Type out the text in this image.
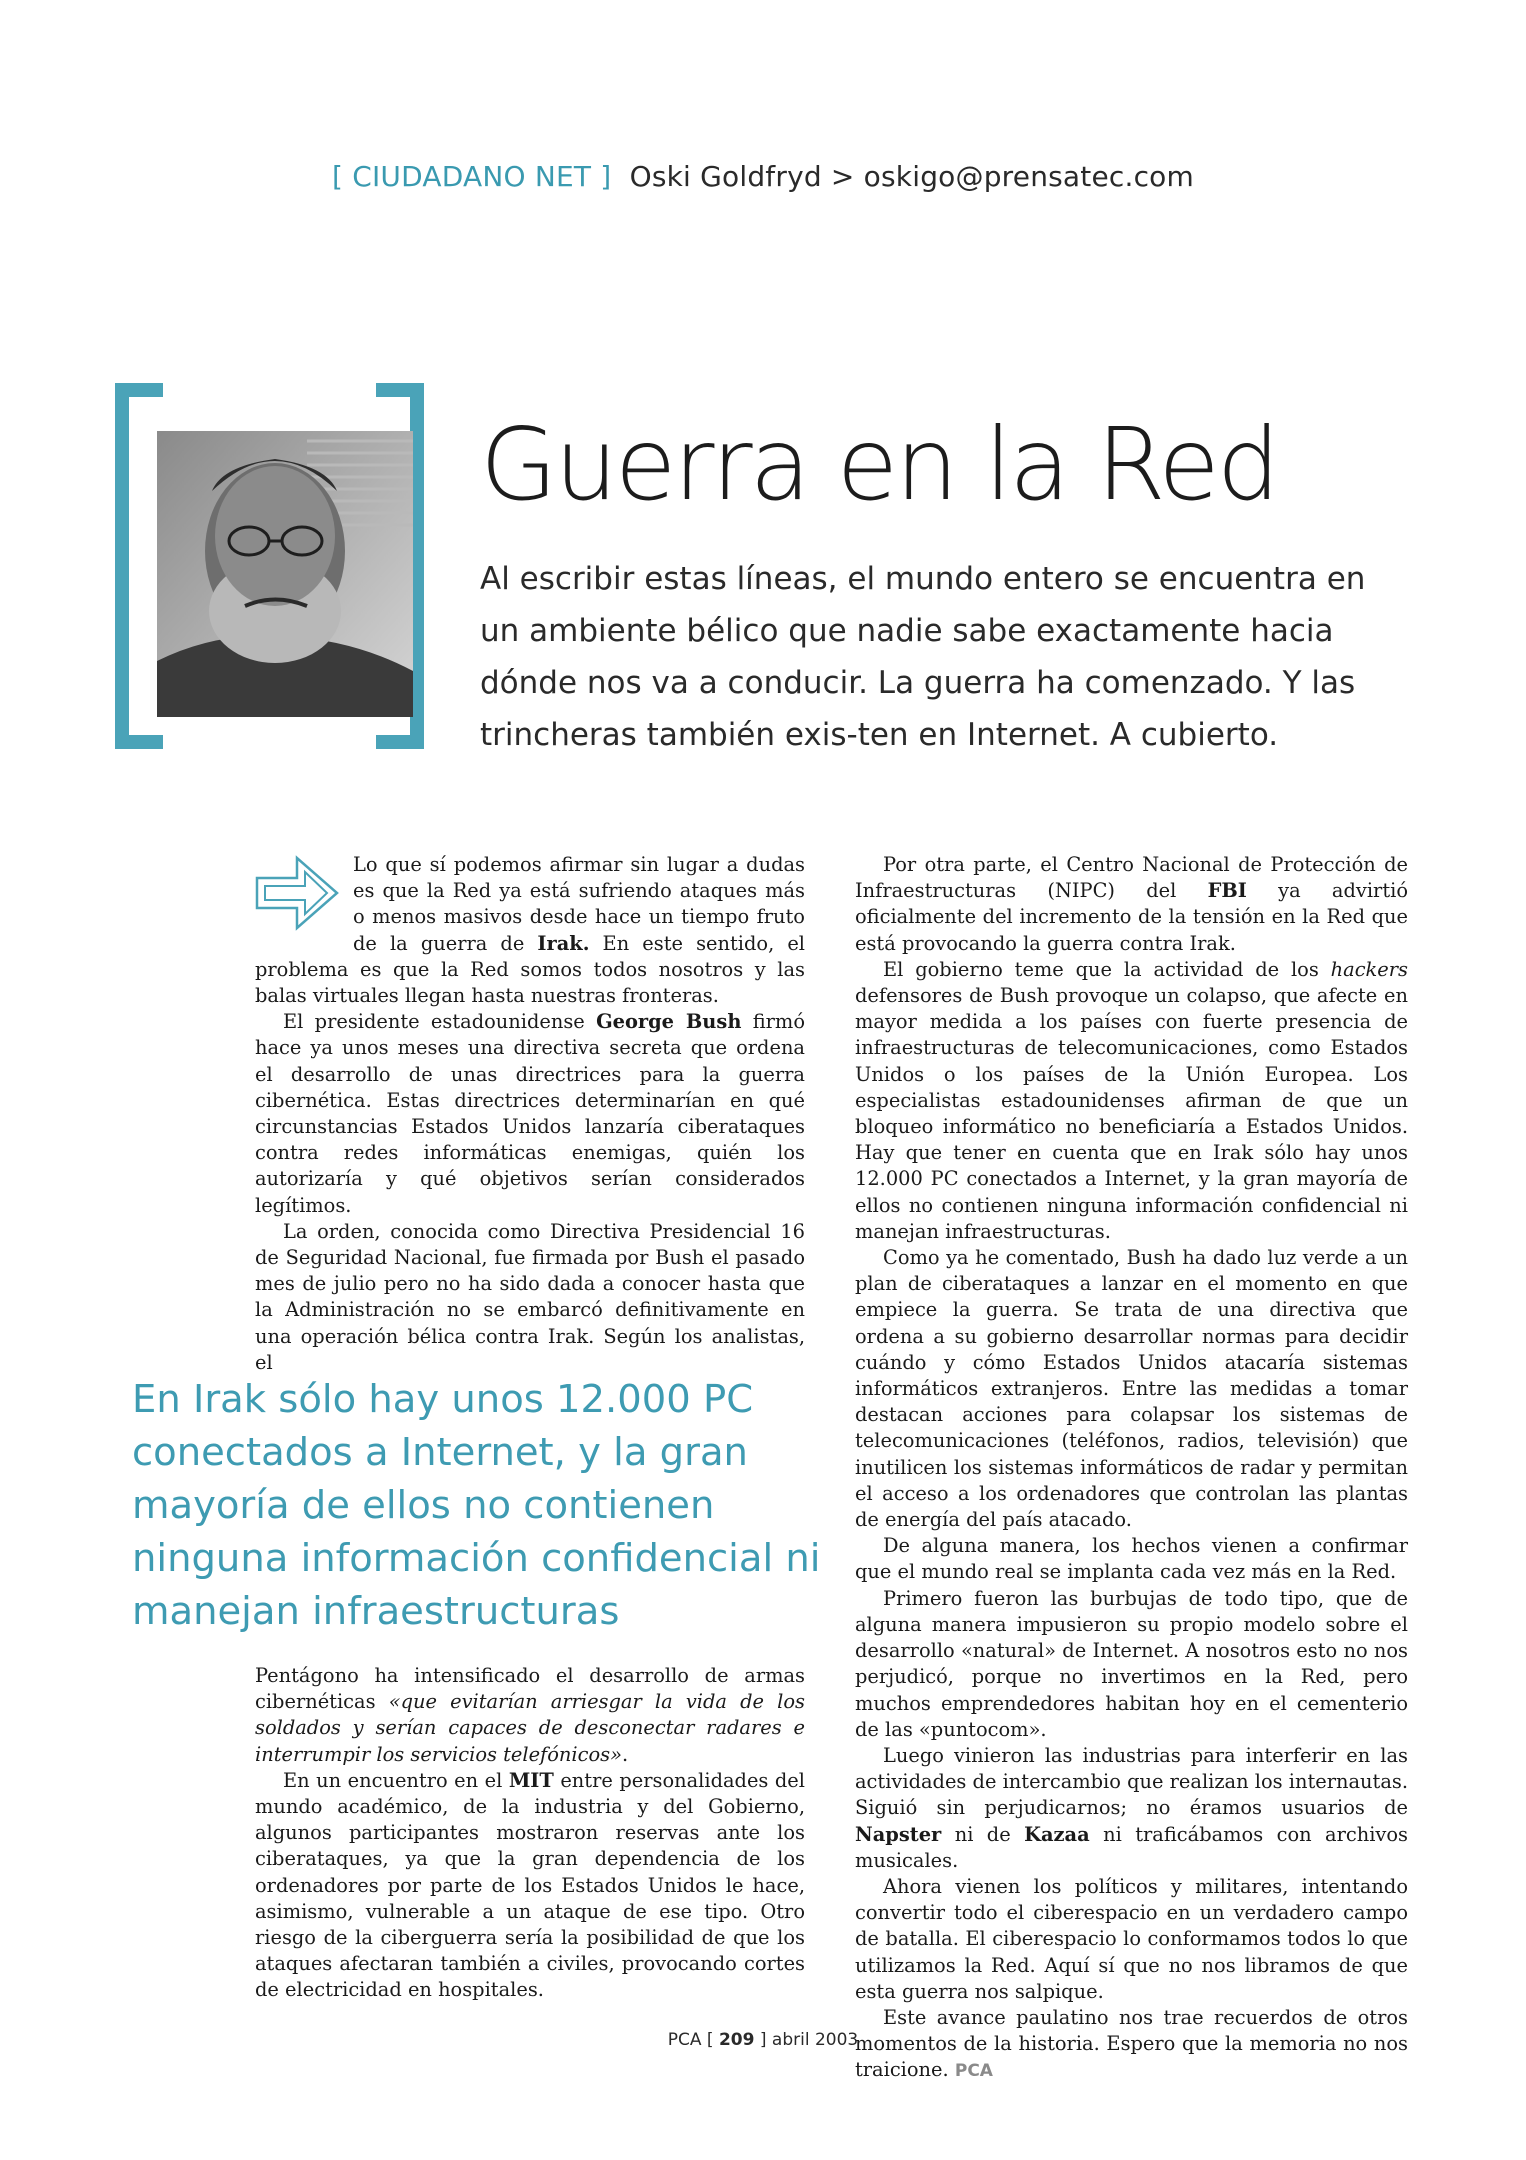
[ CIUDADANO NET ] Oski Goldfryd > oskigo@prensatec.com
Guerra en la Red

Al escribir estas líneas, el mundo entero se encuentra en un ambiente bélico que nadie sabe exactamente hacia dónde nos va a conducir. La guerra ha comenzado. Y las trincheras también exis-ten en Internet. A cubierto.

Lo que sí podemos afirmar sin lugar a dudas es que la Red ya está sufriendo ataques más o menos masivos desde hace un tiempo fruto de la guerra de Irak. En este sentido, el problema es que la Red somos todos nosotros y las balas virtuales llegan hasta nuestras fronteras.

El presidente estadounidense George Bush firmó hace ya unos meses una directiva secreta que ordena el desarrollo de unas directrices para la guerra cibernética. Estas directrices determinarían en qué circunstancias Estados Unidos lanzaría ciberataques contra redes informáticas enemigas, quién los autorizaría y qué objetivos serían considerados legítimos.

La orden, conocida como Directiva Presidencial 16 de Seguridad Nacional, fue firmada por Bush el pasado mes de julio pero no ha sido dada a conocer hasta que la Administración no se embarcó definitivamente en una operación bélica contra Irak. Según los analistas, el

En Irak sólo hay unos 12.000 PC conectados a Internet, y la gran mayoría de ellos no contienen ninguna información confidencial ni manejan infraestructuras

Pentágono ha intensificado el desarrollo de armas cibernéticas «que evitarían arriesgar la vida de los soldados y serían capaces de desconectar radares e interrumpir los servicios telefónicos».

En un encuentro en el MIT entre personalidades del mundo académico, de la industria y del Gobierno, algunos participantes mostraron reservas ante los ciberataques, ya que la gran dependencia de los ordenadores por parte de los Estados Unidos le hace, asimismo, vulnerable a un ataque de ese tipo. Otro riesgo de la ciberguerra sería la posibilidad de que los ataques afectaran también a civiles, provocando cortes de electricidad en hospitales.

Por otra parte, el Centro Nacional de Protección de Infraestructuras (NIPC) del FBI ya advirtió oficialmente del incremento de la tensión en la Red que está provocando la guerra contra Irak.

El gobierno teme que la actividad de los hackers defensores de Bush provoque un colapso, que afecte en mayor medida a los países con fuerte presencia de infraestructuras de telecomunicaciones, como Estados Unidos o los países de la Unión Europea. Los especialistas estadounidenses afirman de que un bloqueo informático no beneficiaría a Estados Unidos. Hay que tener en cuenta que en Irak sólo hay unos 12.000 PC conectados a Internet, y la gran mayoría de ellos no contienen ninguna información confidencial ni manejan infraestructuras.

Como ya he comentado, Bush ha dado luz verde a un plan de ciberataques a lanzar en el momento en que empiece la guerra. Se trata de una directiva que ordena a su gobierno desarrollar normas para decidir cuándo y cómo Estados Unidos atacaría sistemas informáticos extranjeros. Entre las medidas a tomar destacan acciones para colapsar los sistemas de telecomunicaciones (teléfonos, radios, televisión) que inutilicen los sistemas informáticos de radar y permitan el acceso a los ordenadores que controlan las plantas de energía del país atacado.

De alguna manera, los hechos vienen a confirmar que el mundo real se implanta cada vez más en la Red.

Primero fueron las burbujas de todo tipo, que de alguna manera impusieron su propio modelo sobre el desarrollo «natural» de Internet. A nosotros esto no nos perjudicó, porque no invertimos en la Red, pero muchos emprendedores habitan hoy en el cementerio de las «puntocom».

Luego vinieron las industrias para interferir en las actividades de intercambio que realizan los internautas. Siguió sin perjudicarnos; no éramos usuarios de Napster ni de Kazaa ni traficábamos con archivos musicales.

Ahora vienen los políticos y militares, intentando convertir todo el ciberespacio en un verdadero campo de batalla. El ciberespacio lo conformamos todos lo que utilizamos la Red. Aquí sí que no nos libramos de que esta guerra nos salpique.

Este avance paulatino nos trae recuerdos de otros momentos de la historia. Espero que la memoria no nos traicione. PCA

PCA [ 209 ] abril 2003
